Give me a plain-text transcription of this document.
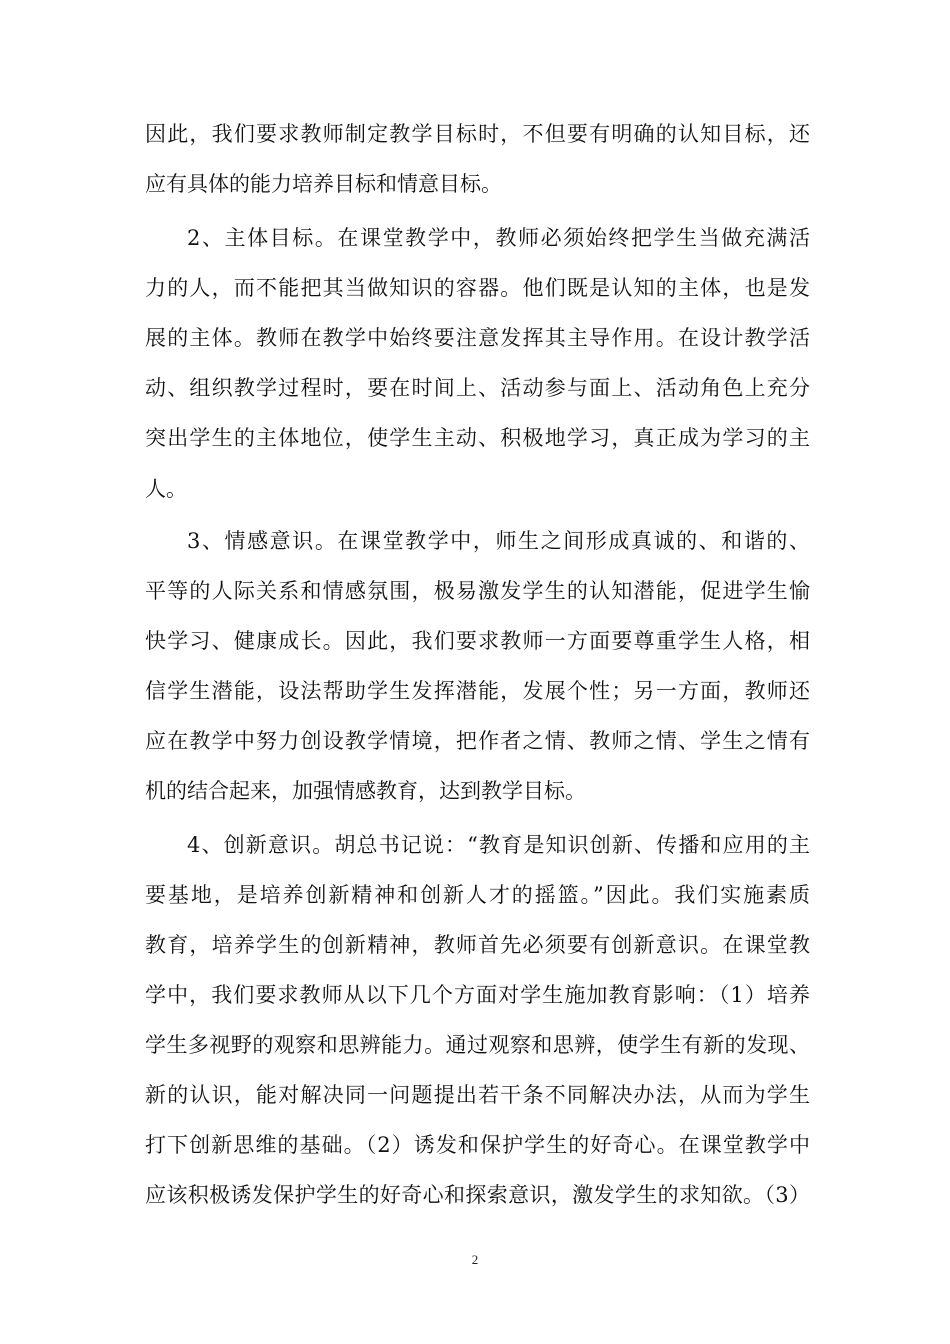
因此，我们要求教师制定教学目标时，不但要有明确的认知目标，还
应有具体的能力培养目标和情意目标。
2、主体目标。在课堂教学中，教师必须始终把学生当做充满活
力的人，而不能把其当做知识的容器。他们既是认知的主体，也是发
展的主体。教师在教学中始终要注意发挥其主导作用。在设计教学活
动、组织教学过程时，要在时间上、活动参与面上、活动角色上充分
突出学生的主体地位，使学生主动、积极地学习，真正成为学习的主
人。
3、情感意识。在课堂教学中，师生之间形成真诚的、和谐的、
平等的人际关系和情感氛围，极易激发学生的认知潜能，促进学生愉
快学习、健康成长。因此，我们要求教师一方面要尊重学生人格，相
信学生潜能，设法帮助学生发挥潜能，发展个性；另一方面，教师还
应在教学中努力创设教学情境，把作者之情、教师之情、学生之情有
机的结合起来，加强情感教育，达到教学目标。
4、创新意识。胡总书记说：“教育是知识创新、传播和应用的主
要基地，是培养创新精神和创新人才的摇篮。”因此。我们实施素质
教育，培养学生的创新精神，教师首先必须要有创新意识。在课堂教
学中，我们要求教师从以下几个方面对学生施加教育影响：（1）培养
学生多视野的观察和思辨能力。通过观察和思辨，使学生有新的发现、
新的认识，能对解决同一问题提出若干条不同解决办法，从而为学生
打下创新思维的基础。（2）诱发和保护学生的好奇心。在课堂教学中
应该积极诱发保护学生的好奇心和探索意识，激发学生的求知欲。（3）
2
